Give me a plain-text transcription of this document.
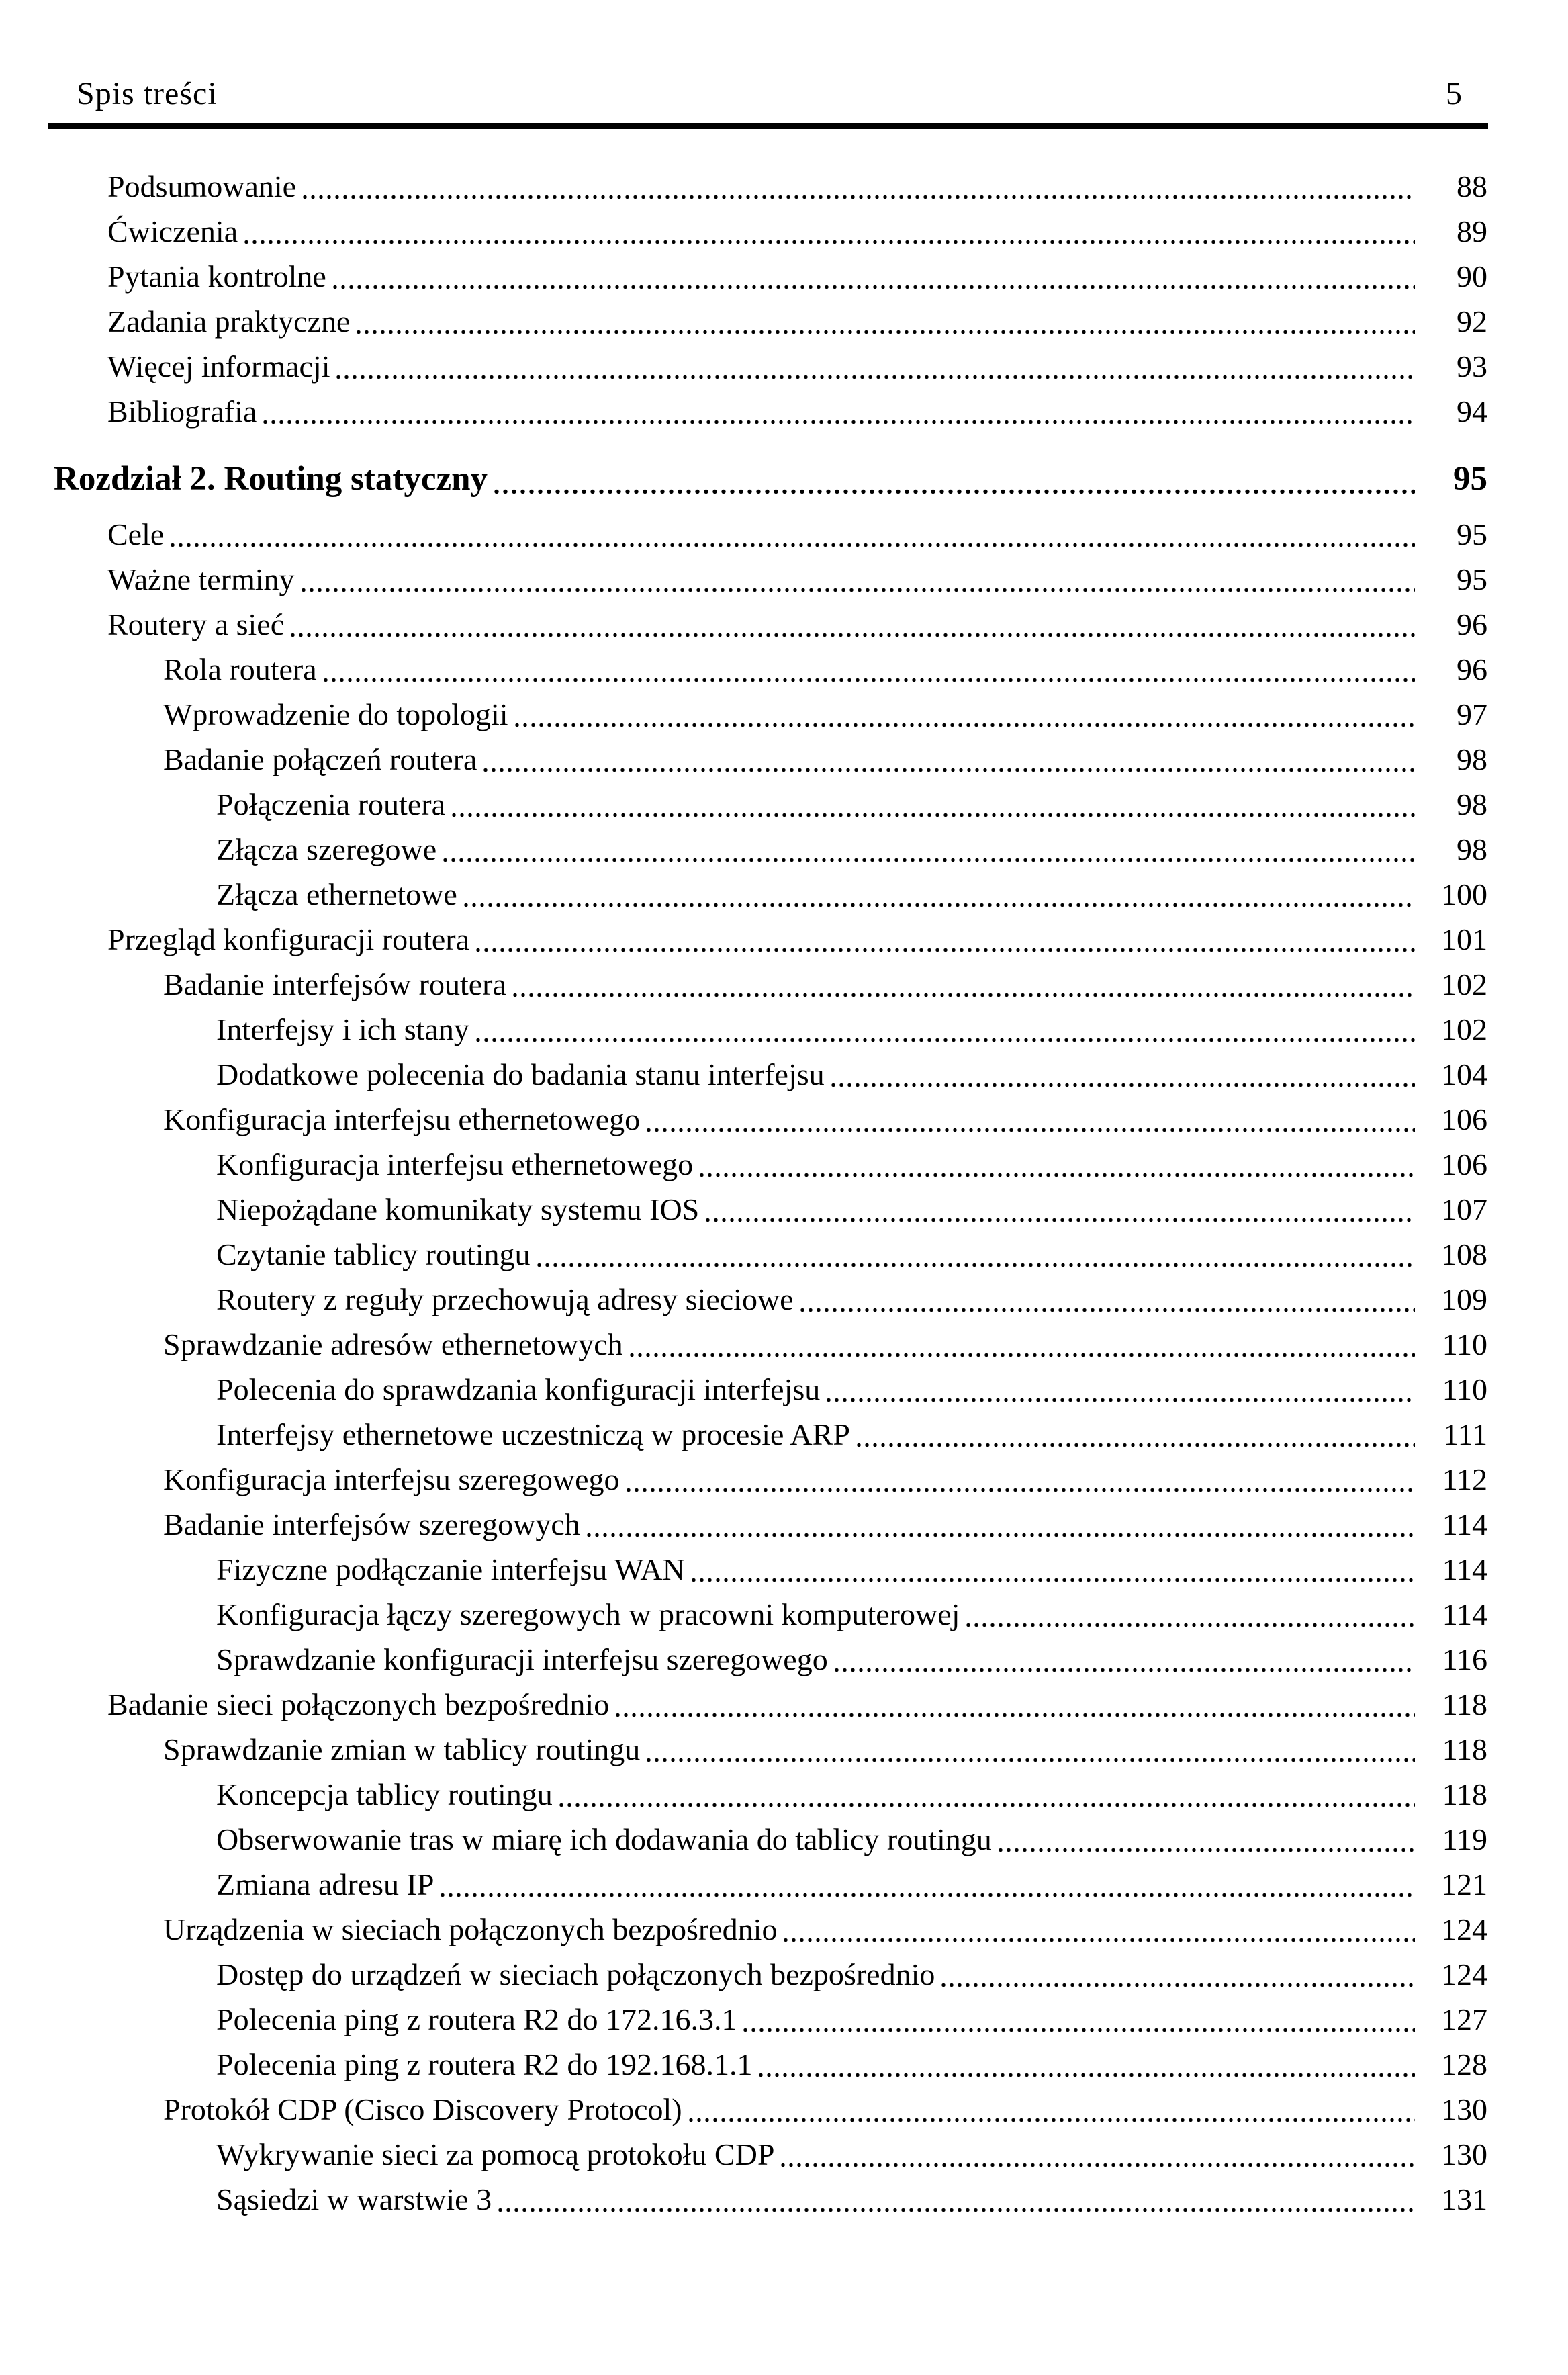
Spis treści	5
Podsumowanie	88
Ćwiczenia	89
Pytania kontrolne	90
Zadania praktyczne	92
Więcej informacji	93
Bibliografia	94
Rozdział 2. Routing statyczny	95
Cele	95
Ważne terminy	95
Routery a sieć	96
Rola routera	96
Wprowadzenie do topologii	97
Badanie połączeń routera	98
Połączenia routera	98
Złącza szeregowe	98
Złącza ethernetowe	100
Przegląd konfiguracji routera	101
Badanie interfejsów routera	102
Interfejsy i ich stany	102
Dodatkowe polecenia do badania stanu interfejsu	104
Konfiguracja interfejsu ethernetowego	106
Konfiguracja interfejsu ethernetowego	106
Niepożądane komunikaty systemu IOS	107
Czytanie tablicy routingu	108
Routery z reguły przechowują adresy sieciowe	109
Sprawdzanie adresów ethernetowych	110
Polecenia do sprawdzania konfiguracji interfejsu	110
Interfejsy ethernetowe uczestniczą w procesie ARP	111
Konfiguracja interfejsu szeregowego	112
Badanie interfejsów szeregowych	114
Fizyczne podłączanie interfejsu WAN	114
Konfiguracja łączy szeregowych w pracowni komputerowej	114
Sprawdzanie konfiguracji interfejsu szeregowego	116
Badanie sieci połączonych bezpośrednio	118
Sprawdzanie zmian w tablicy routingu	118
Koncepcja tablicy routingu	118
Obserwowanie tras w miarę ich dodawania do tablicy routingu	119
Zmiana adresu IP	121
Urządzenia w sieciach połączonych bezpośrednio	124
Dostęp do urządzeń w sieciach połączonych bezpośrednio	124
Polecenia ping z routera R2 do 172.16.3.1	127
Polecenia ping z routera R2 do 192.168.1.1	128
Protokół CDP (Cisco Discovery Protocol)	130
Wykrywanie sieci za pomocą protokołu CDP	130
Sąsiedzi w warstwie 3	131
